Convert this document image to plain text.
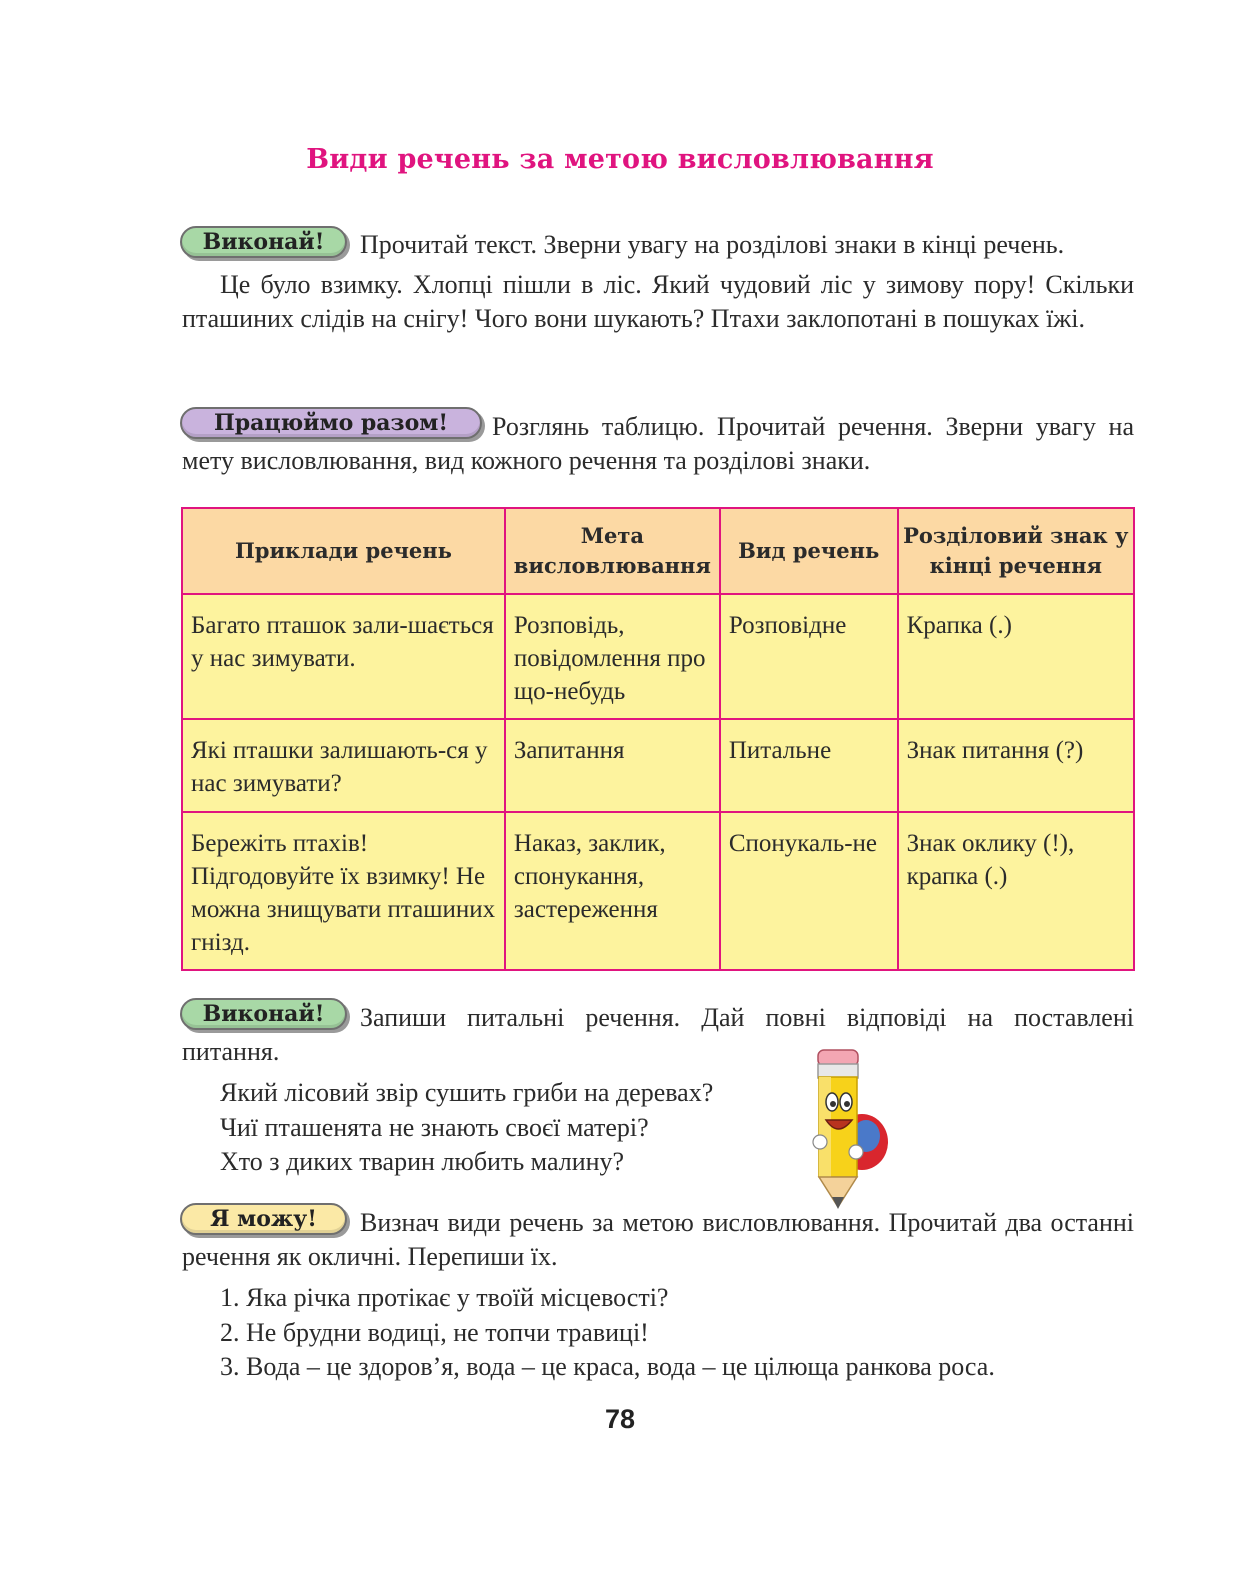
Види речень за метою висловлювання
Виконай!	Прочитай текст. Зверни увагу на розділові знаки в кінці речень.

Це було взимку. Хлопці пішли в ліс. Який чудовий ліс у зимову пору! Скільки пташиних слідів на снігу! Чого вони шукають? Птахи заклопотані в пошуках їжі.

Працюймо разом!	Розглянь таблицю. Прочитай речення. Зверни увагу на мету висловлювання, вид кожного речення та розділові знаки.

Приклади речень	Мета висловлювання	Вид речень	Розділовий знак у кінці речення
Багато пташок зали-шається у нас зимувати.	Розповідь, повідомлення про що-небудь	Розповідне	Крапка (.)
Які пташки залишають-ся у нас зимувати?	Запитання	Питальне	Знак питання (?)
Бережіть птахів! Підгодовуйте їх взимку! Не можна знищувати пташиних гнізд.	Наказ, заклик, спонукання, застереження	Спонукаль-не	Знак оклику (!), крапка (.)
Виконай!	Запиши питальні речення. Дай повні відповіді на поставлені питання.

Який лісовий звір сушить гриби на деревах?
Чиї пташенята не знають своєї матері?
Хто з диких тварин любить малину?
Я можу!	Визнач види речень за метою висловлювання. Прочитай два останні речення як окличні. Перепиши їх.

1. Яка річка протікає у твоїй місцевості?
2. Не брудни водиці, не топчи травиці!
3. Вода – це здоров’я, вода – це краса, вода – це цілюща ранкова роса.
78
